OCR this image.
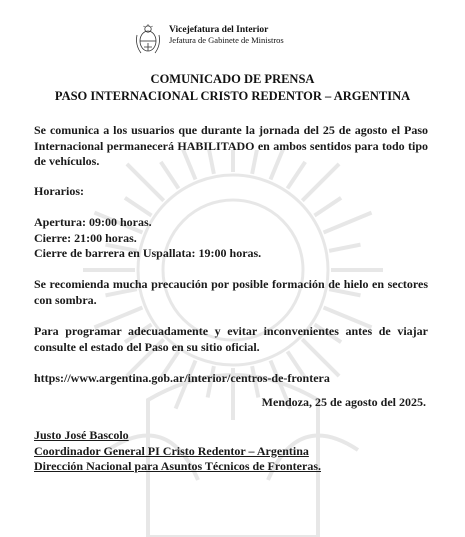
Vicejefatura del Interior
Jefatura de Gabinete de Ministros
COMUNICADO DE PRENSA
PASO INTERNACIONAL CRISTO REDENTOR – ARGENTINA
Se comunica a los usuarios que durante la jornada del 25 de agosto el Paso Internacional permanecerá HABILITADO en ambos sentidos para todo tipo de vehículos.
Horarios:
Apertura: 09:00 horas.
Cierre: 21:00 horas.
Cierre de barrera en Uspallata: 19:00 horas.
Se recomienda mucha precaución por posible formación de hielo en sectores con sombra.
Para programar adecuadamente y evitar inconvenientes antes de viajar consulte el estado del Paso en su sitio oficial.
https://www.argentina.gob.ar/interior/centros-de-frontera
Mendoza, 25 de agosto del 2025.
Justo José Bascolo
Coordinador General PI Cristo Redentor – Argentina
Dirección Nacional para Asuntos Técnicos de Fronteras.
